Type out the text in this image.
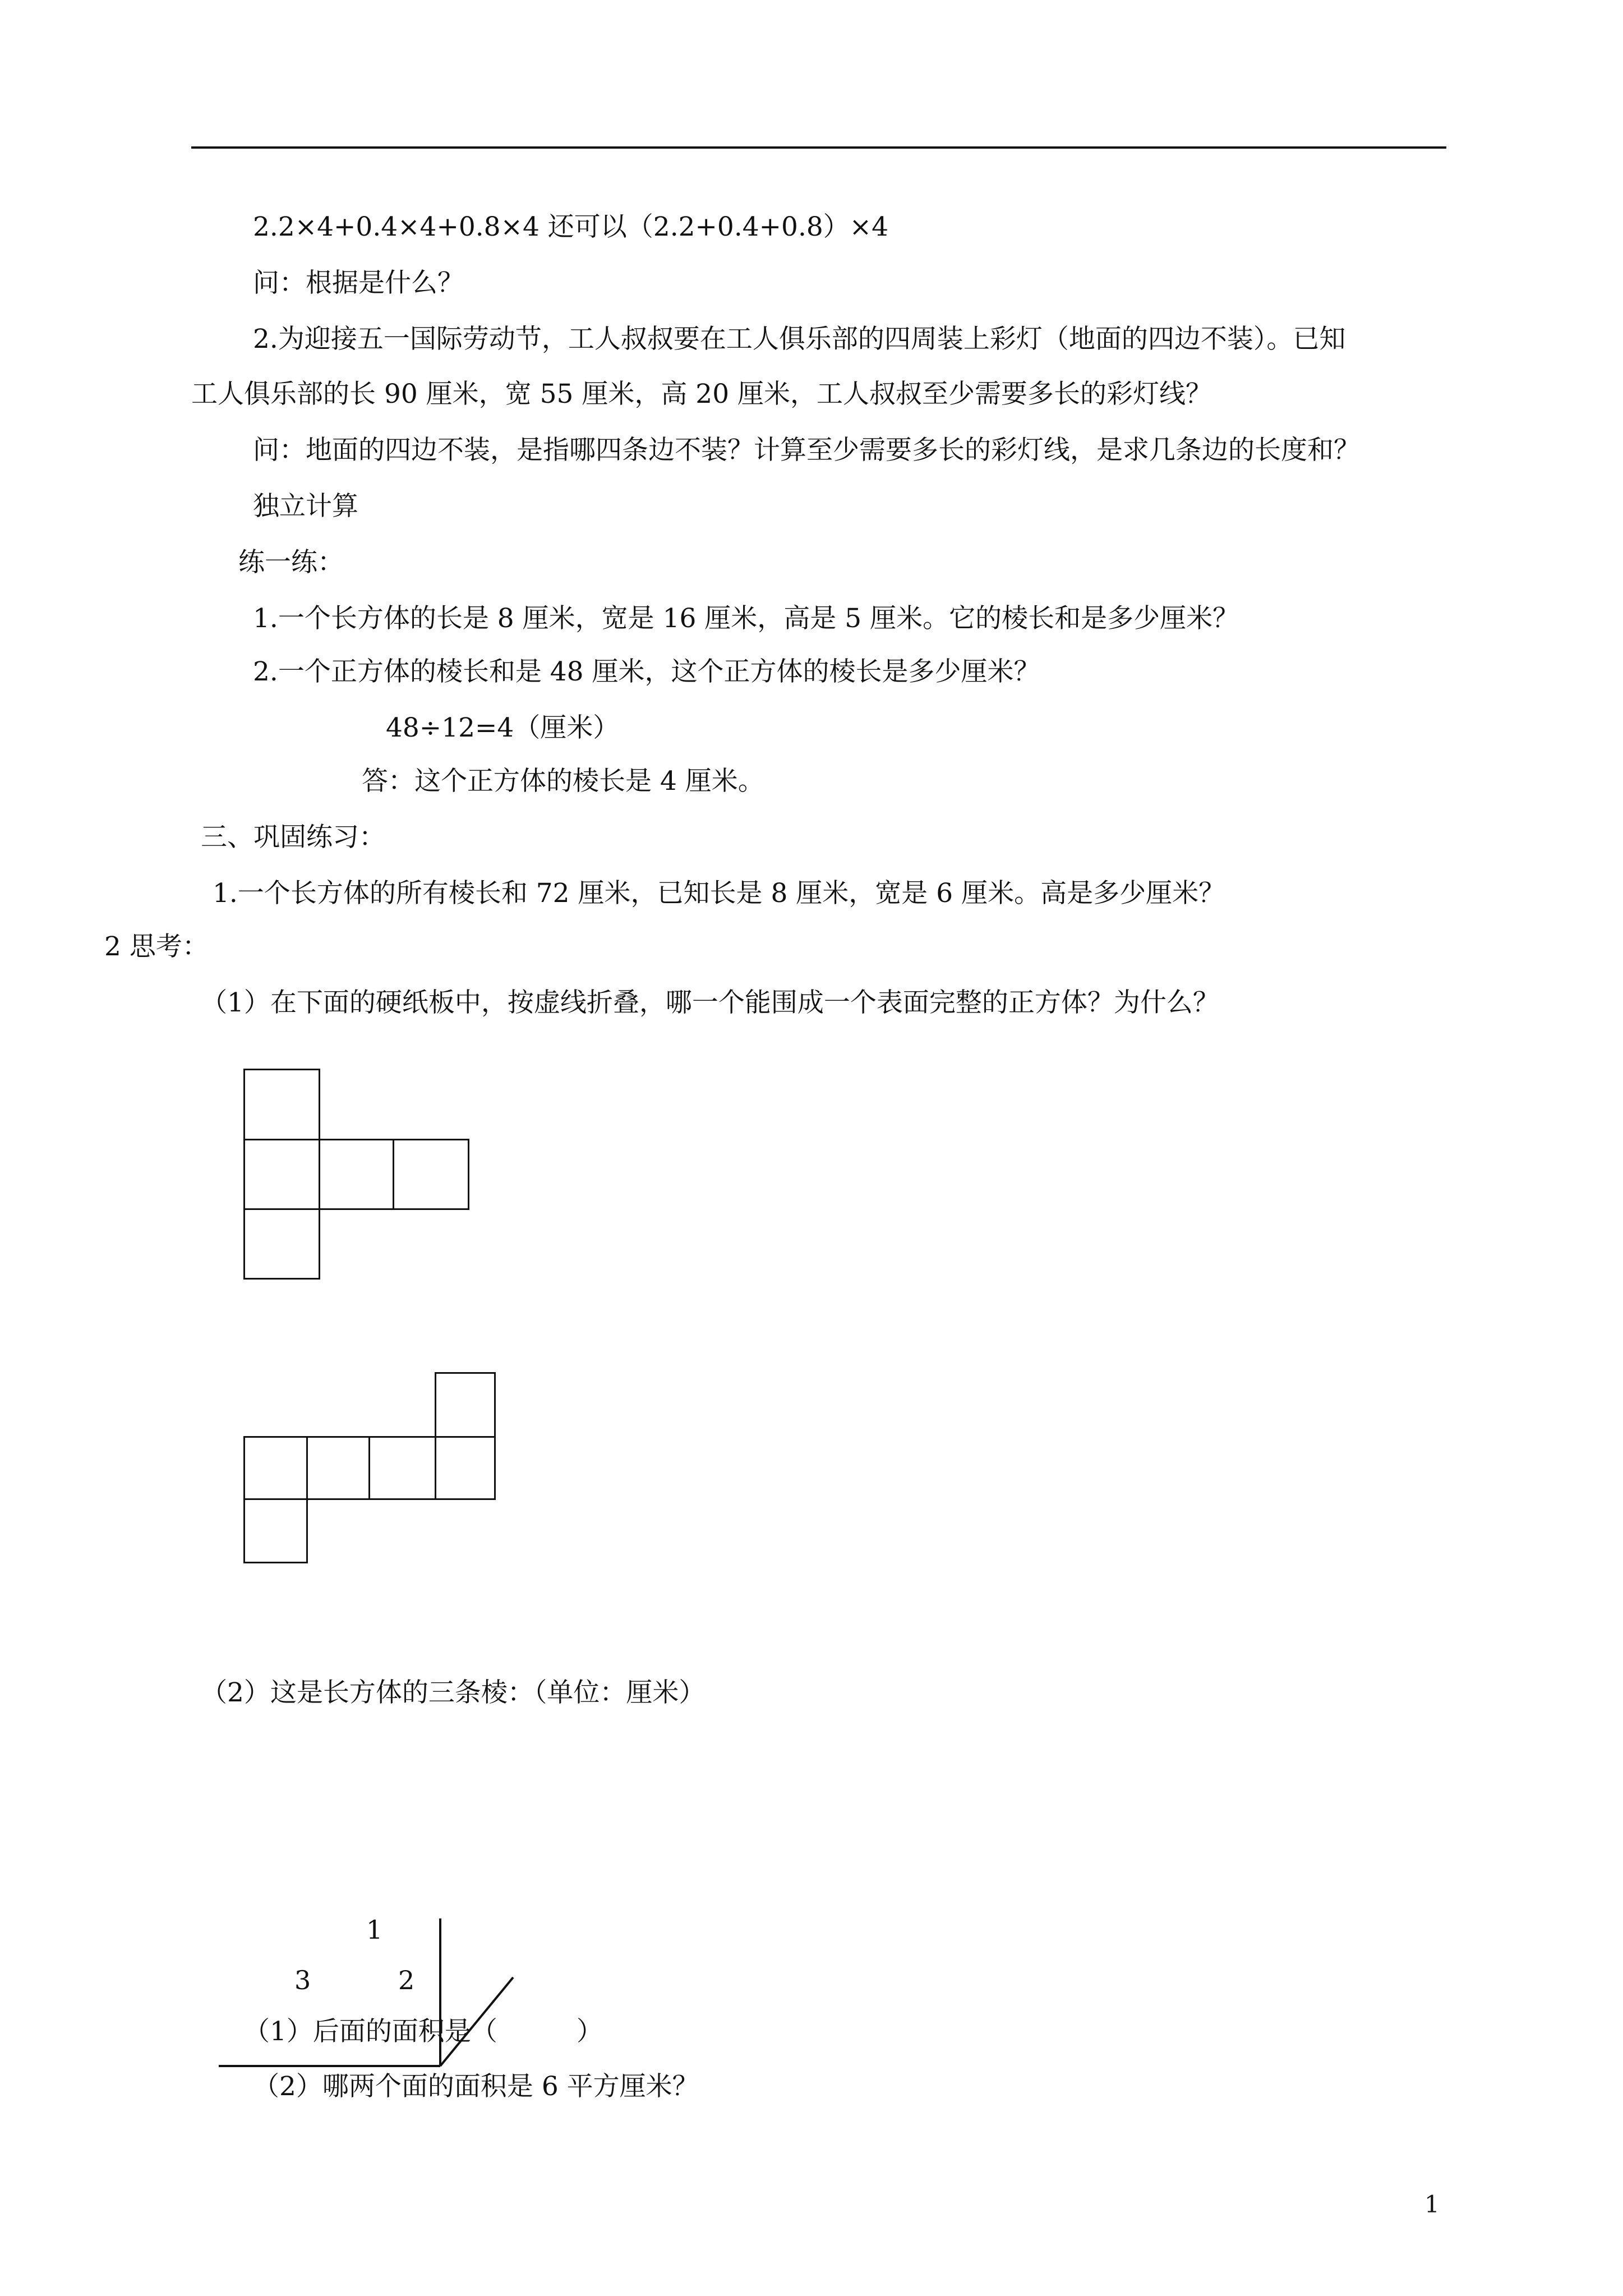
2.2×4+0.4×4+0.8×4 还可以（2.2+0.4+0.8）×4
问：根据是什么？
2.为迎接五一国际劳动节，工人叔叔要在工人俱乐部的四周装上彩灯（地面的四边不装）。已知
工人俱乐部的长 90 厘米，宽 55 厘米，高 20 厘米，工人叔叔至少需要多长的彩灯线？
问：地面的四边不装，是指哪四条边不装？计算至少需要多长的彩灯线，是求几条边的长度和？
独立计算
练一练：
1.一个长方体的长是 8 厘米，宽是 16 厘米，高是 5 厘米。它的棱长和是多少厘米？
2.一个正方体的棱长和是 48 厘米，这个正方体的棱长是多少厘米？
48÷12=4（厘米）
答：这个正方体的棱长是 4 厘米。
三、巩固练习：
1.一个长方体的所有棱长和 72 厘米，已知长是 8 厘米，宽是 6 厘米。高是多少厘米？
2 思考：
（1）在下面的硬纸板中，按虚线折叠，哪一个能围成一个表面完整的正方体？为什么？
（2）这是长方体的三条棱：（单位：厘米）
1
3	2
（1）后面的面积是（　　　）
（2）哪两个面的面积是 6 平方厘米？
1
